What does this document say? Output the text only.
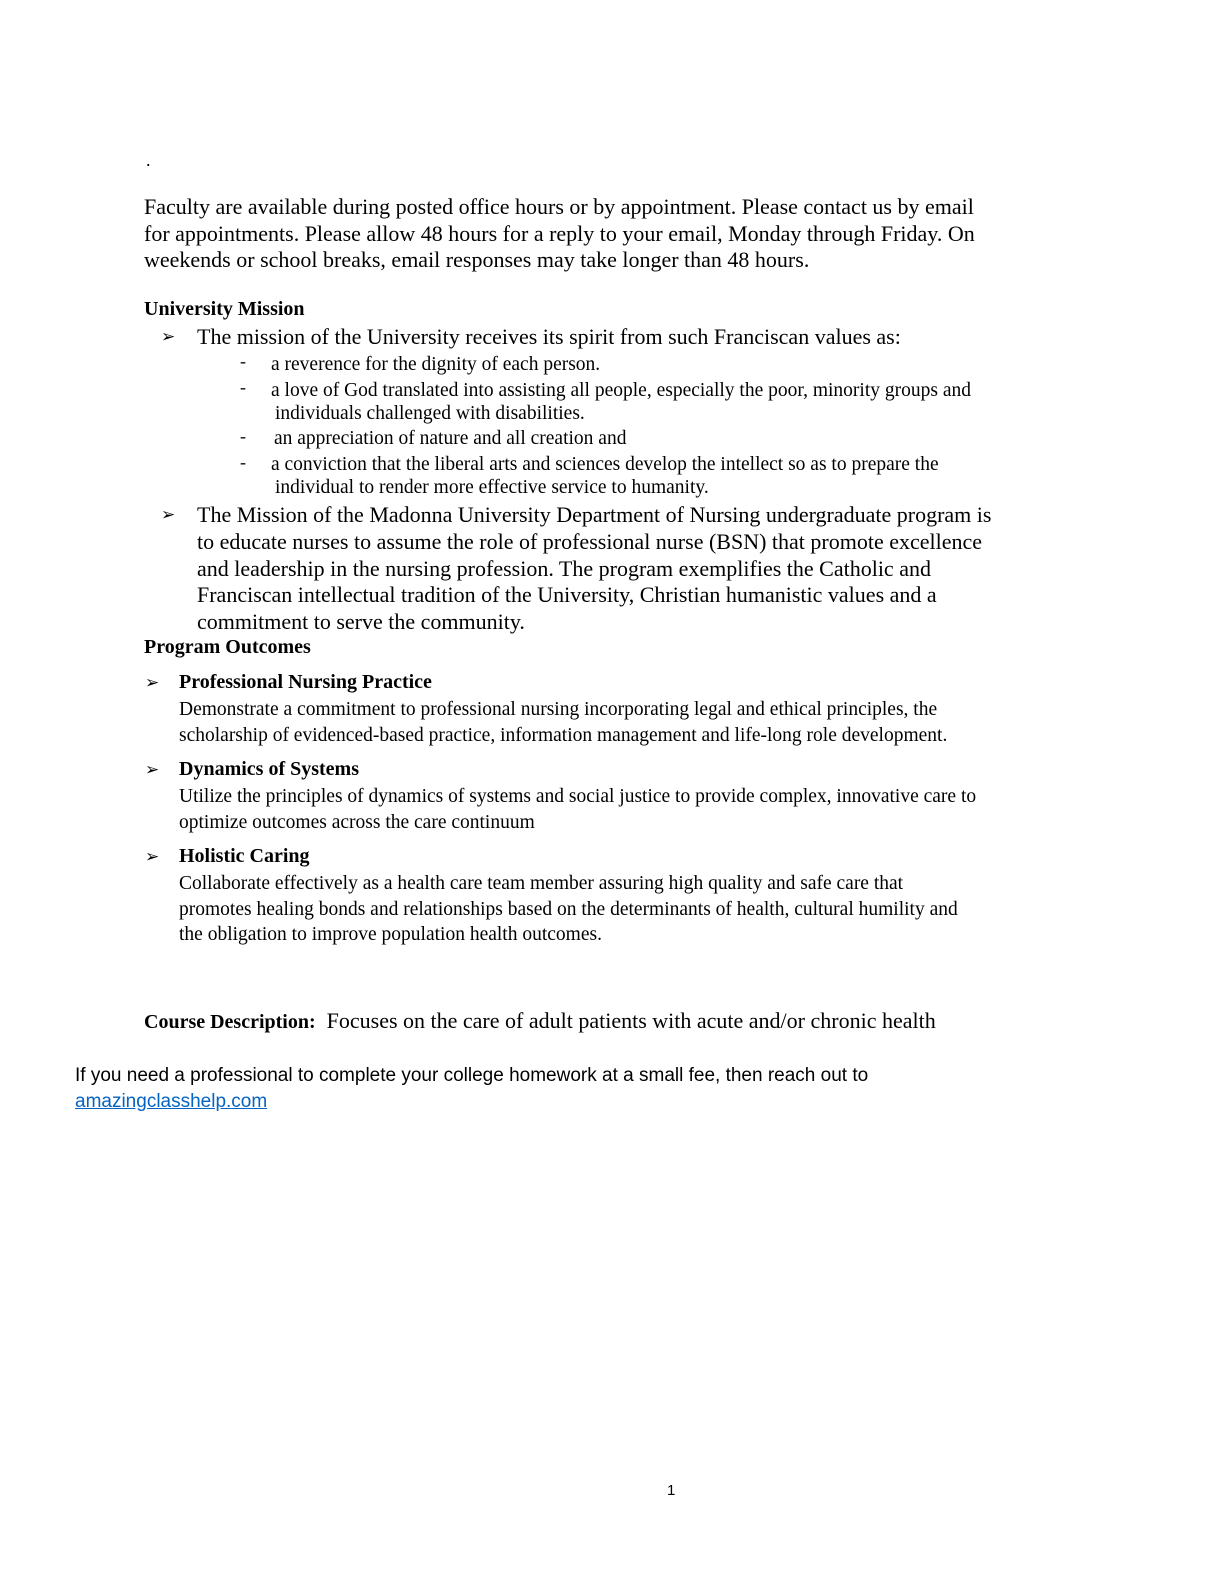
.

Faculty are available during posted office hours or by appointment. Please contact us by email

for appointments. Please allow 48 hours for a reply to your email, Monday through Friday. On

weekends or school breaks, email responses may take longer than 48 hours.

University Mission
➢ The mission of the University receives its spirit from such Franciscan values as:
- a reverence for the dignity of each person.
- a love of God translated into assisting all people, especially the poor, minority groups and
individuals challenged with disabilities.
- an appreciation of nature and all creation and
- a conviction that the liberal arts and sciences develop the intellect so as to prepare the
individual to render more effective service to humanity.
➢ The Mission of the Madonna University Department of Nursing undergraduate program is
to educate nurses to assume the role of professional nurse (BSN) that promote excellence
and leadership in the nursing profession. The program exemplifies the Catholic and
Franciscan intellectual tradition of the University, Christian humanistic values and a
commitment to serve the community.
Program Outcomes
➢ Professional Nursing Practice
Demonstrate a commitment to professional nursing incorporating legal and ethical principles, the
scholarship of evidenced-based practice, information management and life-long role development.
➢ Dynamics of Systems
Utilize the principles of dynamics of systems and social justice to provide complex, innovative care to
optimize outcomes across the care continuum
➢ Holistic Caring
Collaborate effectively as a health care team member assuring high quality and safe care that
promotes healing bonds and relationships based on the determinants of health, cultural humility and
the obligation to improve population health outcomes.
Course Description: Focuses on the care of adult patients with acute and/or chronic health
If you need a professional to complete your college homework at a small fee, then reach out to
amazingclasshelp.com
1
